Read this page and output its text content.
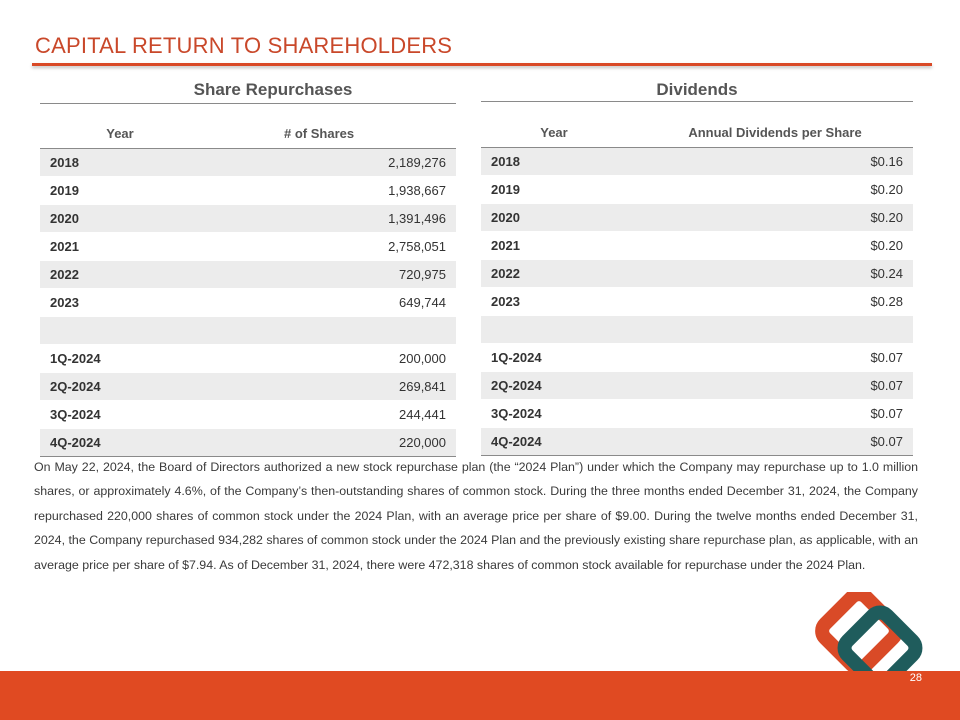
CAPITAL RETURN TO SHAREHOLDERS
Share Repurchases
Year	# of Shares
2018	2,189,276
2019	1,938,667
2020	1,391,496
2021	2,758,051
2022	720,975
2023	649,744

1Q-2024	200,000
2Q-2024	269,841
3Q-2024	244,441
4Q-2024	220,000
Dividends
Year	Annual Dividends per Share
2018	$0.16
2019	$0.20
2020	$0.20
2021	$0.20
2022	$0.24
2023	$0.28

1Q-2024	$0.07
2Q-2024	$0.07
3Q-2024	$0.07
4Q-2024	$0.07
On May 22, 2024, the Board of Directors authorized a new stock repurchase plan (the “2024 Plan”) under which the Company may repurchase up to 1.0 million shares, or approximately 4.6%, of the Company’s then-outstanding shares of common stock. During the three months ended December 31, 2024, the Company repurchased 220,000 shares of common stock under the 2024 Plan, with an average price per share of $9.00. During the twelve months ended December 31, 2024, the Company repurchased 934,282 shares of common stock under the 2024 Plan and the previously existing share repurchase plan, as applicable, with an average price per share of $7.94. As of December 31, 2024, there were 472,318 shares of common stock available for repurchase under the 2024 Plan.
28
